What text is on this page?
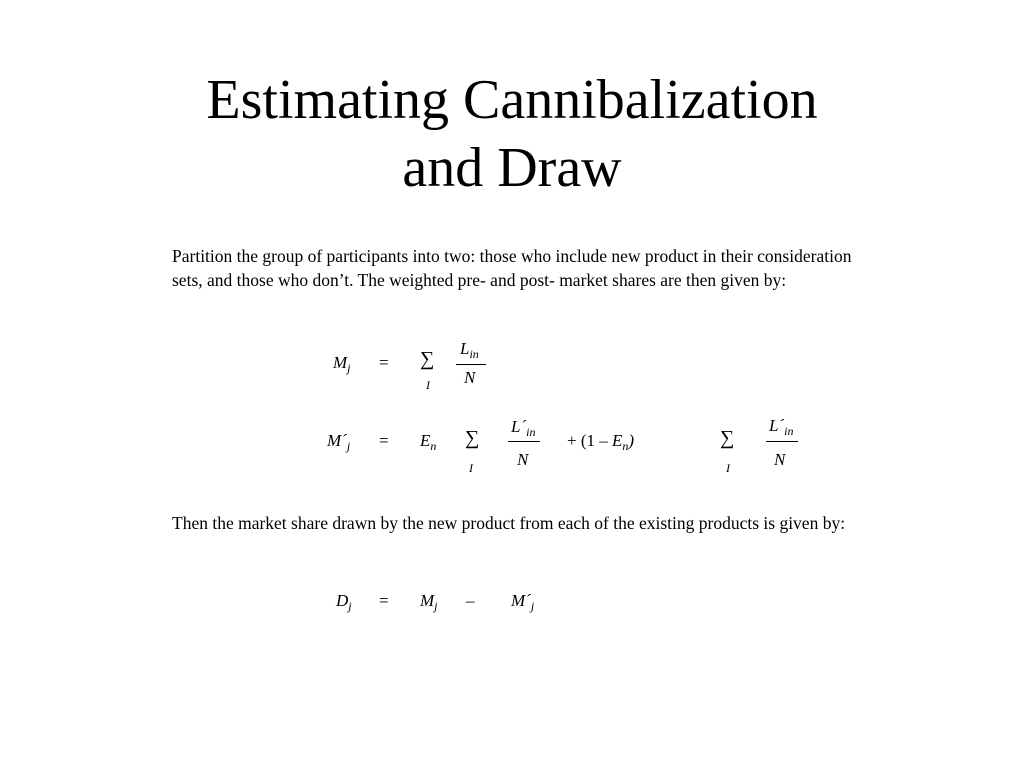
Estimating Cannibalization
and Draw
Partition the group of participants into two: those who include new product in their consideration sets, and those who don’t. The weighted pre- and post- market shares are then given by:
$M_j$ = ∑
I
$L_{in}$
N
$M´_j = E_n$ ∑
I
$L´_{in}$
N
+ $(1 - E_n)$	∑
I
$L´_{in}$
N
Then the market share drawn by the new product from each of the existing products is given by:
$D_j = M_j$ – $M´_j$
